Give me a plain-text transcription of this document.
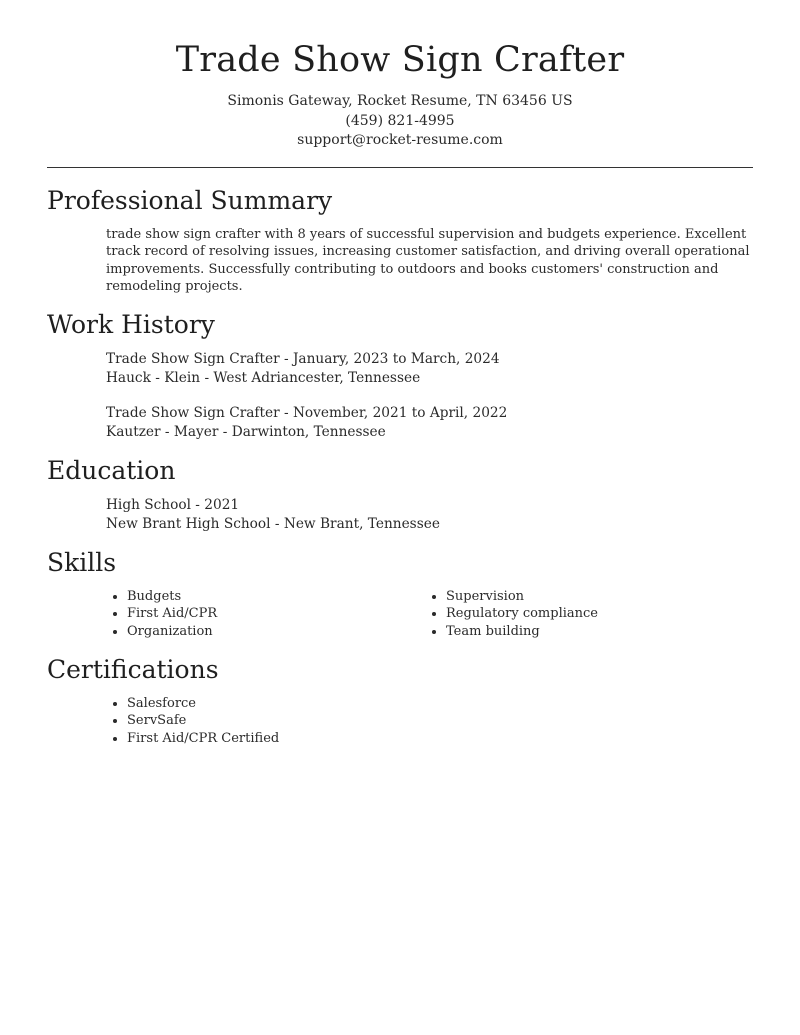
Trade Show Sign Crafter
Simonis Gateway, Rocket Resume, TN 63456 US
(459) 821-4995
support@rocket-resume.com
Professional Summary

trade show sign crafter with 8 years of successful supervision and budgets experience. Excellent track record of resolving issues, increasing customer satisfaction, and driving overall operational improvements. Successfully contributing to outdoors and books customers' construction and remodeling projects.

Work History
Trade Show Sign Crafter - January, 2023 to March, 2024
Hauck - Klein - West Adriancester, Tennessee
Trade Show Sign Crafter - November, 2021 to April, 2022
Kautzer - Mayer - Darwinton, Tennessee
Education
High School - 2021
New Brant High School - New Brant, Tennessee
Skills
• Budgets
• First Aid/CPR
• Organization
• Supervision
• Regulatory compliance
• Team building
Certifications
• Salesforce
• ServSafe
• First Aid/CPR Certified
